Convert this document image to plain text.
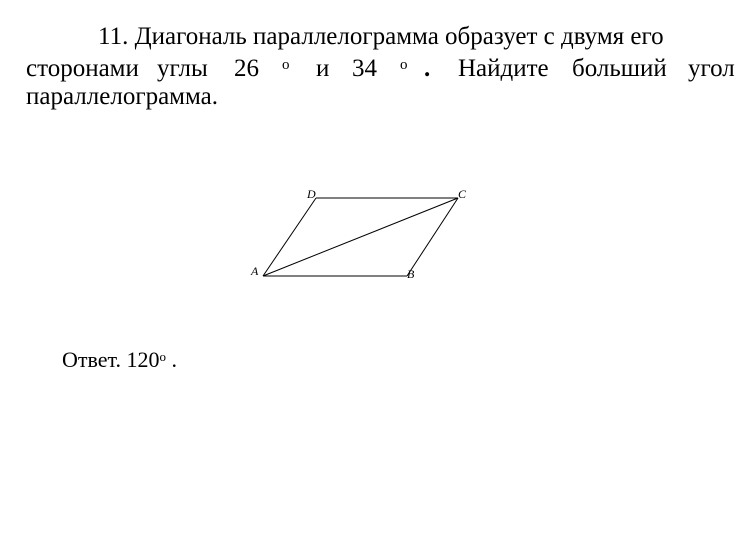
11. Диагональ параллелограмма образует с двумя его
сторонами углы 26 о и 34 о . Найдите больший угол
параллелограмма.
A	B
C
D
Ответ. $120^о$ .
